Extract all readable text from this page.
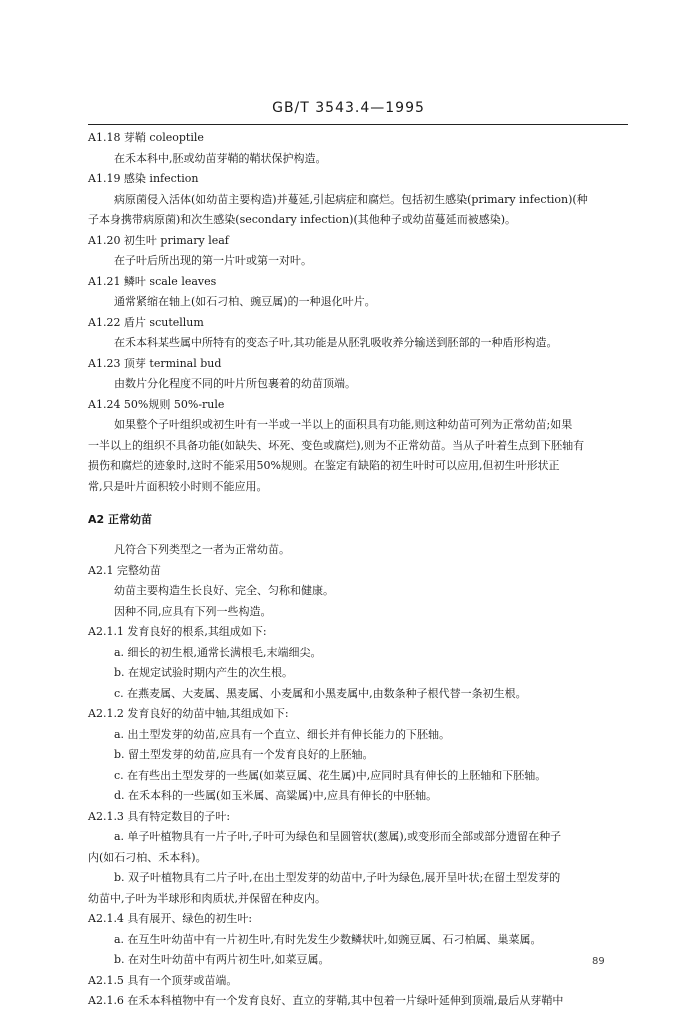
GB/T 3543.4—1995
A1.18 芽鞘 coleoptile
在禾本科中,胚或幼苗芽鞘的鞘状保护构造。
A1.19 感染 infection
病原菌侵入活体(如幼苗主要构造)并蔓延,引起病症和腐烂。包括初生感染(primary infection)(种
子本身携带病原菌)和次生感染(secondary infection)(其他种子或幼苗蔓延而被感染)。
A1.20 初生叶 primary leaf
在子叶后所出现的第一片叶或第一对叶。
A1.21 鳞叶 scale leaves
通常紧缩在轴上(如石刁柏、豌豆属)的一种退化叶片。
A1.22 盾片 scutellum
在禾本科某些属中所特有的变态子叶,其功能是从胚乳吸收养分输送到胚部的一种盾形构造。
A1.23 顶芽 terminal bud
由数片分化程度不同的叶片所包裹着的幼苗顶端。
A1.24 50%规则 50%-rule
如果整个子叶组织或初生叶有一半或一半以上的面积具有功能,则这种幼苗可列为正常幼苗;如果
一半以上的组织不具备功能(如缺失、坏死、变色或腐烂),则为不正常幼苗。当从子叶着生点到下胚轴有
损伤和腐烂的迹象时,这时不能采用50%规则。在鉴定有缺陷的初生叶时可以应用,但初生叶形状正
常,只是叶片面积较小时则不能应用。
A2 正常幼苗
凡符合下列类型之一者为正常幼苗。
A2.1 完整幼苗
幼苗主要构造生长良好、完全、匀称和健康。
因种不同,应具有下列一些构造。
A2.1.1 发育良好的根系,其组成如下:
a. 细长的初生根,通常长满根毛,末端细尖。
b. 在规定试验时期内产生的次生根。
c. 在燕麦属、大麦属、黑麦属、小麦属和小黑麦属中,由数条种子根代替一条初生根。
A2.1.2 发育良好的幼苗中轴,其组成如下:
a. 出土型发芽的幼苗,应具有一个直立、细长并有伸长能力的下胚轴。
b. 留土型发芽的幼苗,应具有一个发育良好的上胚轴。
c. 在有些出土型发芽的一些属(如菜豆属、花生属)中,应同时具有伸长的上胚轴和下胚轴。
d. 在禾本科的一些属(如玉米属、高粱属)中,应具有伸长的中胚轴。
A2.1.3 具有特定数目的子叶:
a. 单子叶植物具有一片子叶,子叶可为绿色和呈圆管状(葱属),或变形而全部或部分遗留在种子
内(如石刁柏、禾本科)。
b. 双子叶植物具有二片子叶,在出土型发芽的幼苗中,子叶为绿色,展开呈叶状;在留土型发芽的
幼苗中,子叶为半球形和肉质状,并保留在种皮内。
A2.1.4 具有展开、绿色的初生叶:
a. 在互生叶幼苗中有一片初生叶,有时先发生少数鳞状叶,如豌豆属、石刁柏属、巢菜属。
b. 在对生叶幼苗中有两片初生叶,如菜豆属。
A2.1.5 具有一个顶芽或苗端。
A2.1.6 在禾本科植物中有一个发育良好、直立的芽鞘,其中包着一片绿叶延伸到顶端,最后从芽鞘中
89
